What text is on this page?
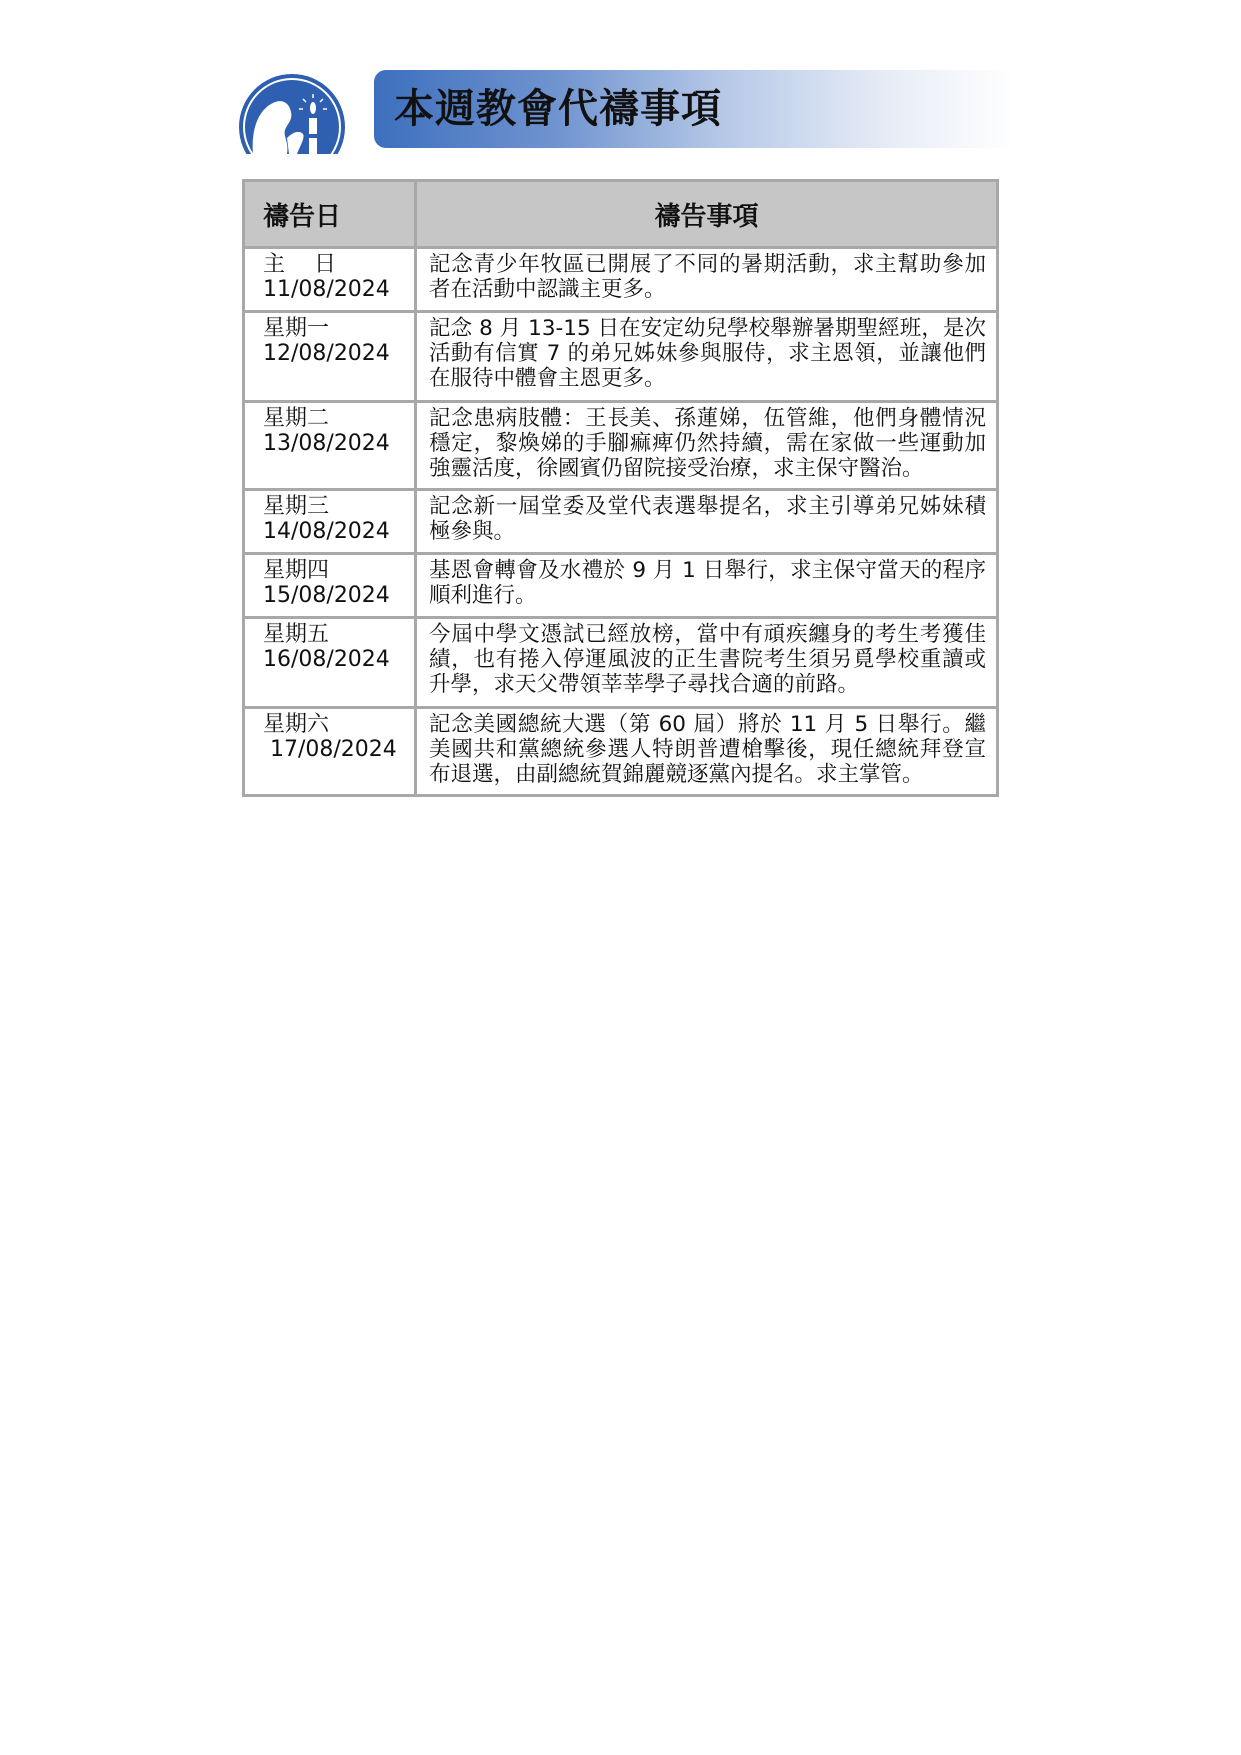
本週教會代禱事項
禱告日	禱告事項

主　 日
11/08/2024	記念青少年牧區已開展了不同的暑期活動，求主幫助參加者在活動中認識主更多。

星期一
12/08/2024	記念 8 月 13-15 日在安定幼兒學校舉辦暑期聖經班，是次活動有信實 7 的弟兄姊妹參與服侍，求主恩領，並讓他們在服待中體會主恩更多。

星期二
13/08/2024	記念患病肢體：王長美、孫蓮娣，伍管維，他們身體情況穩定，黎煥娣的手腳痲痺仍然持續，需在家做一些運動加強靈活度，徐國賓仍留院接受治療，求主保守醫治。

星期三
14/08/2024	記念新一屆堂委及堂代表選舉提名，求主引導弟兄姊妹積極參與。

星期四
15/08/2024	基恩會轉會及水禮於 9 月 1 日舉行，求主保守當天的程序順利進行。

星期五
16/08/2024	今屆中學文憑試已經放榜，當中有頑疾纏身的考生考獲佳績，也有捲入停運風波的正生書院考生須另覓學校重讀或升學，求天父帶領莘莘學子尋找合適的前路。

星期六
17/08/2024	記念美國總統大選（第 60 屆）將於 11 月 5 日舉行。繼美國共和黨總統參選人特朗普遭槍擊後，現任總統拜登宣布退選，由副總統賀錦麗競逐黨內提名。求主掌管。
